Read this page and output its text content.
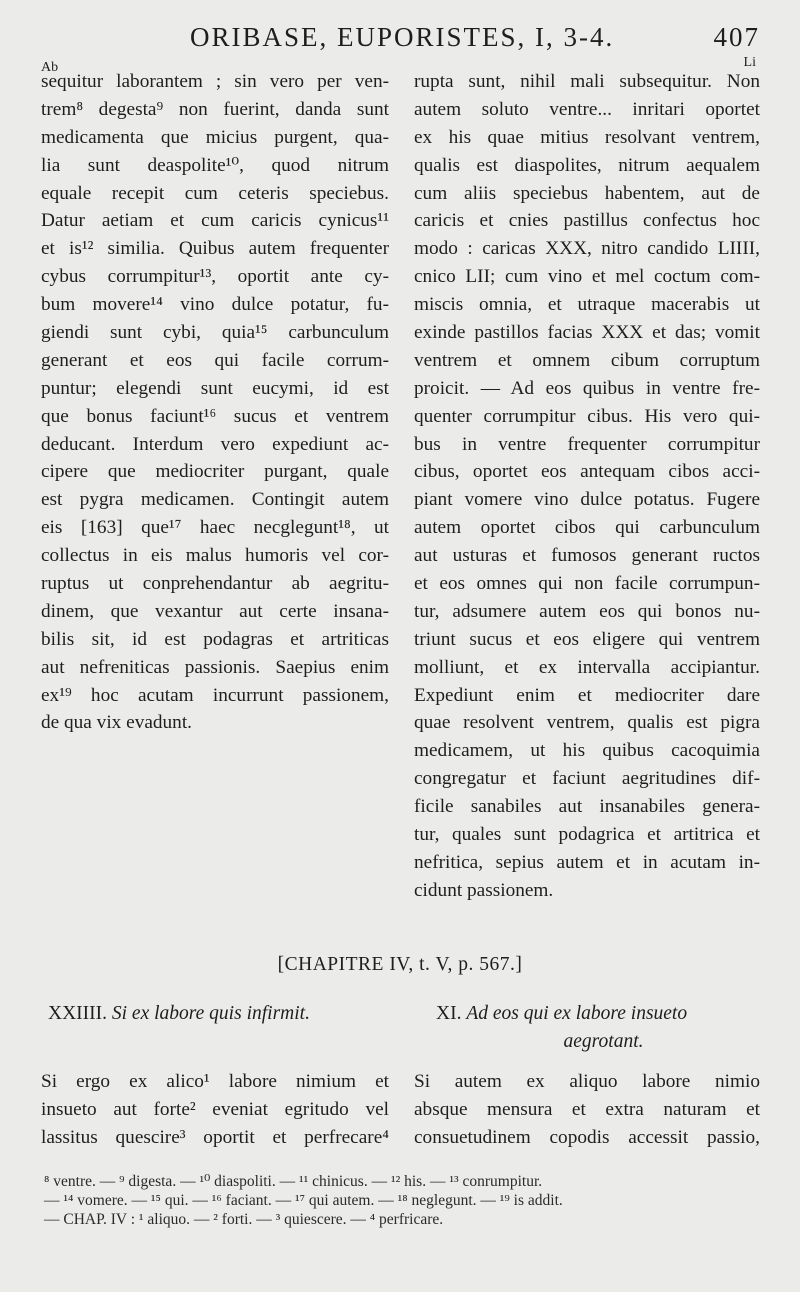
ORIBASE, EUPORISTES, I, 3-4.	407
Ab	Li
sequitur laborantem ; sin vero per ven-
trem⁸ degesta⁹ non fuerint, danda sunt
medicamenta que micius purgent, qua-
lia sunt deaspolite¹⁰, quod nitrum
equale recepit cum ceteris speciebus.
Datur aetiam et cum caricis cynicus¹¹
et is¹² similia. Quibus autem frequenter
cybus corrumpitur¹³, oportit ante cy-
bum movere¹⁴ vino dulce potatur, fu-
giendi sunt cybi, quia¹⁵ carbunculum
generant et eos qui facile corrum-
puntur; elegendi sunt eucymi, id est
que bonus faciunt¹⁶ sucus et ventrem
deducant. Interdum vero expediunt ac-
cipere que mediocriter purgant, quale
est pygra medicamen. Contingit autem
eis [163] que¹⁷ haec necglegunt¹⁸, ut
collectus in eis malus humoris vel cor-
ruptus ut conprehendantur ab aegritu-
dinem, que vexantur aut certe insana-
bilis sit, id est podagras et artriticas
aut nefreniticas passionis. Saepius enim
ex¹⁹ hoc acutam incurrunt passionem,
de qua vix evadunt.
rupta sunt, nihil mali subsequitur. Non
autem soluto ventre... inritari oportet
ex his quae mitius resolvant ventrem,
qualis est diaspolites, nitrum aequalem
cum aliis speciebus habentem, aut de
caricis et cnies pastillus confectus hoc
modo : caricas XXX, nitro candido LIIII,
cnico LII; cum vino et mel coctum com-
miscis omnia, et utraque macerabis ut
exinde pastillos facias XXX et das; vomit
ventrem et omnem cibum corruptum
proicit. — Ad eos quibus in ventre fre-
quenter corrumpitur cibus. His vero qui-
bus in ventre frequenter corrumpitur
cibus, oportet eos antequam cibos acci-
piant vomere vino dulce potatus. Fugere
autem oportet cibos qui carbunculum
aut usturas et fumosos generant ructos
et eos omnes qui non facile corrumpun-
tur, adsumere autem eos qui bonos nu-
triunt sucus et eos eligere qui ventrem
molliunt, et ex intervalla accipiantur.
Expediunt enim et mediocriter dare
quae resolvent ventrem, qualis est pigra
medicamem, ut his quibus cacoquimia
congregatur et faciunt aegritudines dif-
ficile sanabiles aut insanabiles genera-
tur, quales sunt podagrica et artitrica et
nefritica, sepius autem et in acutam in-
cidunt passionem.
[CHAPITRE IV, t. V, p. 567.]
XXIIII. Si ex labore quis infirmit.	XI. Ad eos qui ex labore insueto
aegrotant.
Si ergo ex alico¹ labore nimium et
insueto aut forte² eveniat egritudo vel
lassitus quescire³ oportit et perfrecare⁴
Si autem ex aliquo labore nimio
absque mensura et extra naturam et
consuetudinem copodis accessit passio,
⁸ ventre. — ⁹ digesta. — ¹⁰ diaspoliti. — ¹¹ chinicus. — ¹² his. — ¹³ conrumpitur.
— ¹⁴ vomere. — ¹⁵ qui. — ¹⁶ faciant. — ¹⁷ qui autem. — ¹⁸ neglegunt. — ¹⁹ is addit.
— CHAP. IV : ¹ aliquo. — ² forti. — ³ quiescere. — ⁴ perfricare.
